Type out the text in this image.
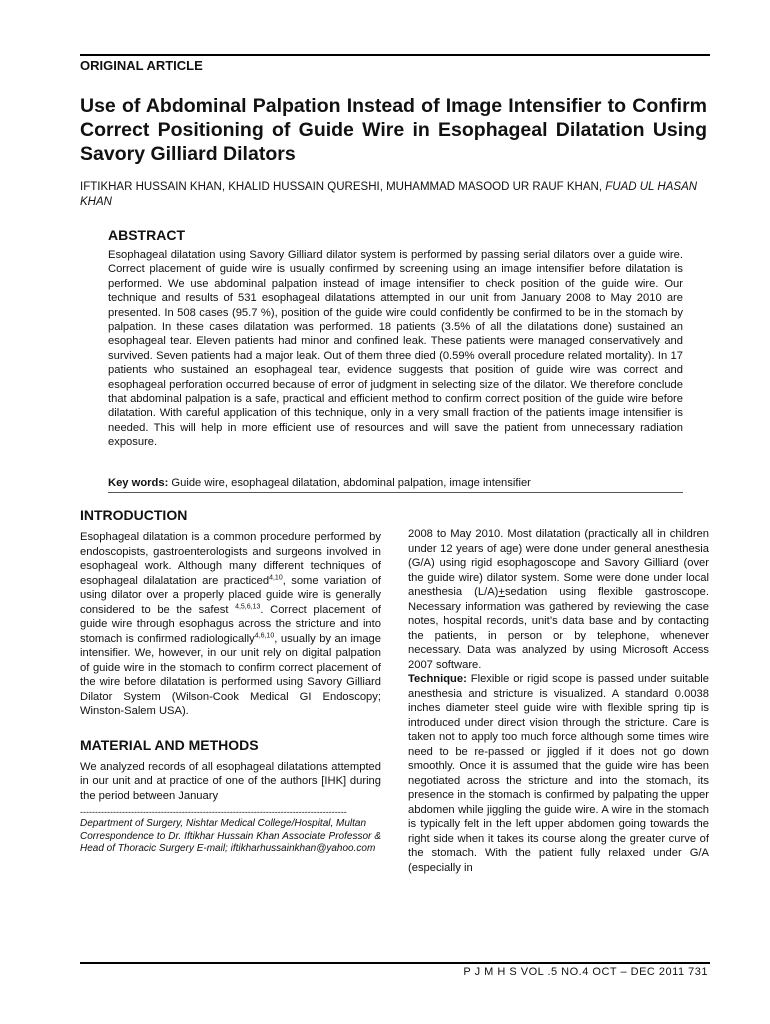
ORIGINAL ARTICLE
Use of Abdominal Palpation Instead of Image Intensifier to Confirm Correct Positioning of Guide Wire in Esophageal Dilatation Using Savory Gilliard Dilators
IFTIKHAR HUSSAIN KHAN, KHALID HUSSAIN QURESHI, MUHAMMAD MASOOD UR RAUF KHAN, FUAD UL HASAN KHAN
ABSTRACT

Esophageal dilatation using Savory Gilliard dilator system is performed by passing serial dilators over a guide wire. Correct placement of guide wire is usually confirmed by screening using an image intensifier before dilatation is performed. We use abdominal palpation instead of image intensifier to check position of the guide wire. Our technique and results of 531 esophageal dilatations attempted in our unit from January 2008 to May 2010 are presented. In 508 cases (95.7 %), position of the guide wire could confidently be confirmed to be in the stomach by palpation. In these cases dilatation was performed. 18 patients (3.5% of all the dilatations done) sustained an esophageal tear. Eleven patients had minor and confined leak. These patients were managed conservatively and survived. Seven patients had a major leak. Out of them three died (0.59% overall procedure related mortality). In 17 patients who sustained an esophageal tear, evidence suggests that position of guide wire was correct and esophageal perforation occurred because of error of judgment in selecting size of the dilator. We therefore conclude that abdominal palpation is a safe, practical and efficient method to confirm correct position of the guide wire before dilatation. With careful application of this technique, only in a very small fraction of the patients image intensifier is needed. This will help in more efficient use of resources and will save the patient from unnecessary radiation exposure.

Key words: Guide wire, esophageal dilatation, abdominal palpation, image intensifier
INTRODUCTION

Esophageal dilatation is a common procedure performed by endoscopists, gastroenterologists and surgeons involved in esophageal work. Although many different techniques of esophageal dilalatation are practiced$^{4,10}$, some variation of using dilator over a properly placed guide wire is generally considered to be the safest $^{4,5,6,13}$. Correct placement of guide wire through esophagus across the stricture and into stomach is confirmed radiologically$^{4,6,10}$, usually by an image intensifier. We, however, in our unit rely on digital palpation of guide wire in the stomach to confirm correct placement of the wire before dilatation is performed using Savory Gilliard Dilator System (Wilson-Cook Medical GI Endoscopy; Winston-Salem USA).

MATERIAL AND METHODS

We analyzed records of all esophageal dilatations attempted in our unit and at practice of one of the authors [IHK] during the period between January

-----------------------------------------------------------------------------------------

Department of Surgery, Nishtar Medical College/Hospital, Multan

Correspondence to Dr. Iftikhar Hussain Khan Associate Professor & Head of Thoracic Surgery E-mail; iftikharhussainkhan@yahoo.com

2008 to May 2010. Most dilatation (practically all in children under 12 years of age) were done under general anesthesia (G/A) using rigid esophagoscope and Savory Gilliard (over the guide wire) dilator system. Some were done under local anesthesia (L/A)+sedation using flexible gastroscope. Necessary information was gathered by reviewing the case notes, hospital records, unit’s data base and by contacting the patients, in person or by telephone, whenever necessary. Data was analyzed by using Microsoft Access 2007 software.

Technique: Flexible or rigid scope is passed under suitable anesthesia and stricture is visualized. A standard 0.0038 inches diameter steel guide wire with flexible spring tip is introduced under direct vision through the stricture. Care is taken not to apply too much force although some times wire need to be re-passed or jiggled if it does not go down smoothly. Once it is assumed that the guide wire has been negotiated across the stricture and into the stomach, its presence in the stomach is confirmed by palpating the upper abdomen while jiggling the guide wire. A wire in the stomach is typically felt in the left upper abdomen going towards the right side when it takes its course along the greater curve of the stomach. With the patient fully relaxed under G/A (especially in

P J M H S VOL .5 NO.4 OCT – DEC 2011 731
